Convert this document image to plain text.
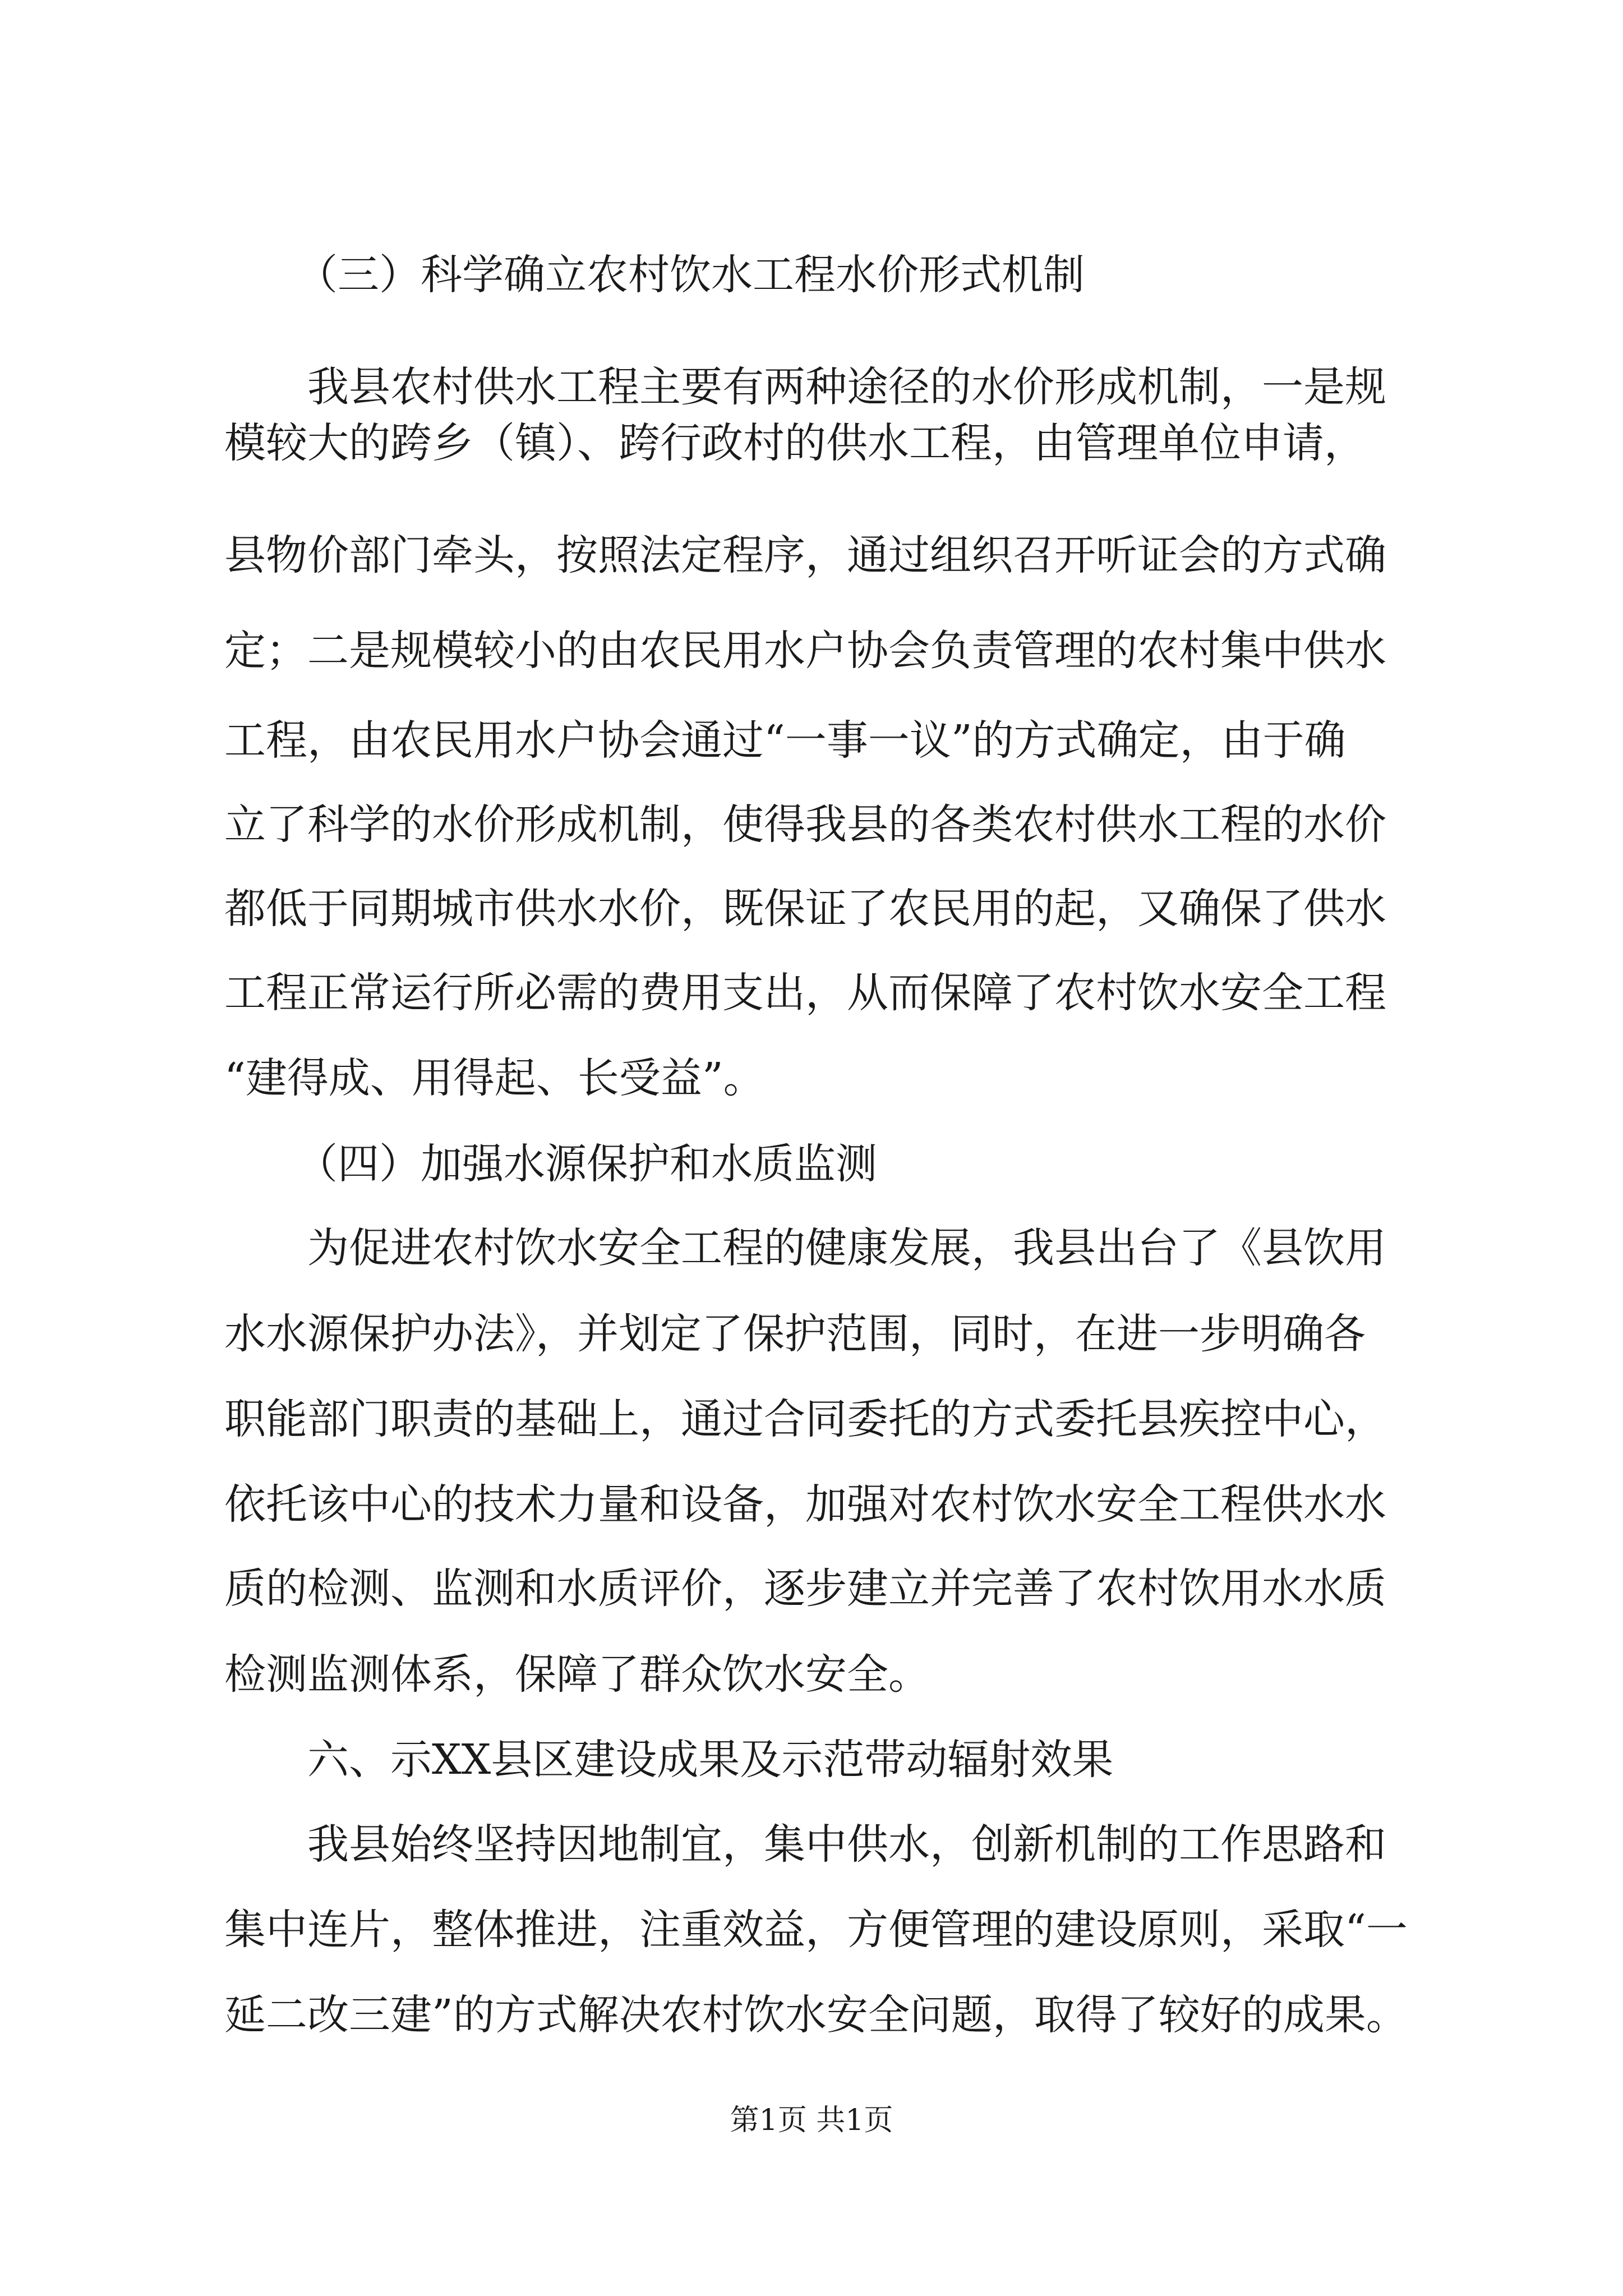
（三）科学确立农村饮水工程水价形式机制
我县农村供水工程主要有两种途径的水价形成机制，一是规
模较大的跨乡（镇）、跨行政村的供水工程，由管理单位申请，
县物价部门牵头，按照法定程序，通过组织召开听证会的方式确
定；二是规模较小的由农民用水户协会负责管理的农村集中供水
工程，由农民用水户协会通过“一事一议”的方式确定，由于确
立了科学的水价形成机制，使得我县的各类农村供水工程的水价
都低于同期城市供水水价，既保证了农民用的起，又确保了供水
工程正常运行所必需的费用支出，从而保障了农村饮水安全工程
“建得成、用得起、长受益”。
（四）加强水源保护和水质监测
为促进农村饮水安全工程的健康发展，我县出台了《县饮用
水水源保护办法》，并划定了保护范围，同时，在进一步明确各
职能部门职责的基础上，通过合同委托的方式委托县疾控中心，
依托该中心的技术力量和设备，加强对农村饮水安全工程供水水
质的检测、监测和水质评价，逐步建立并完善了农村饮用水水质
检测监测体系，保障了群众饮水安全。
六、示XX县区建设成果及示范带动辐射效果
我县始终坚持因地制宜，集中供水，创新机制的工作思路和
集中连片，整体推进，注重效益，方便管理的建设原则，采取“一
延二改三建”的方式解决农村饮水安全问题，取得了较好的成果。
第1页 共1页
